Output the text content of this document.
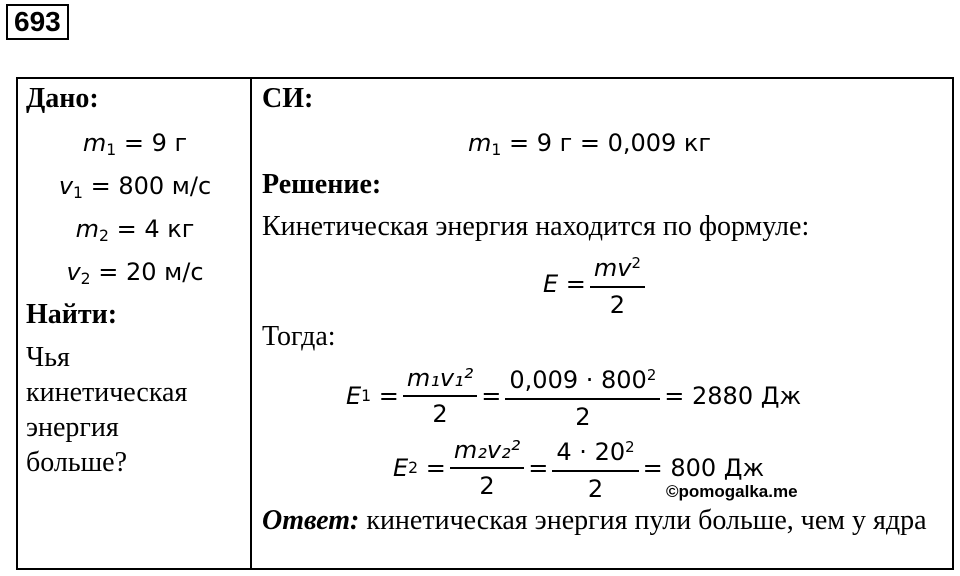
693
Дано:
$m_1 = 9$ г
$v_1 = 800$ м/с
$m_2 = 4$ кг
$v_2 = 20$ м/с
Найти:
Чья
кинетическая
энергия
больше?
СИ:
$m_1 = 9$ г = 0,009 кг
Решение:
Кинетическая энергия находится по формуле:
$E = \frac{mv^2}{2}$
Тогда:
E $1 = \frac{\text{m₁v₁²}}{2} = \frac{0,009 \cdot 800^2}{2} = 2880$ Дж
E $2 = \frac{\text{m₂v₂²}}{2} = \frac{4 \cdot 20^2}{2} = 800$ Дж
©pomogalka.me
Ответ: кинетическая энергия пули больше, чем у ядра
